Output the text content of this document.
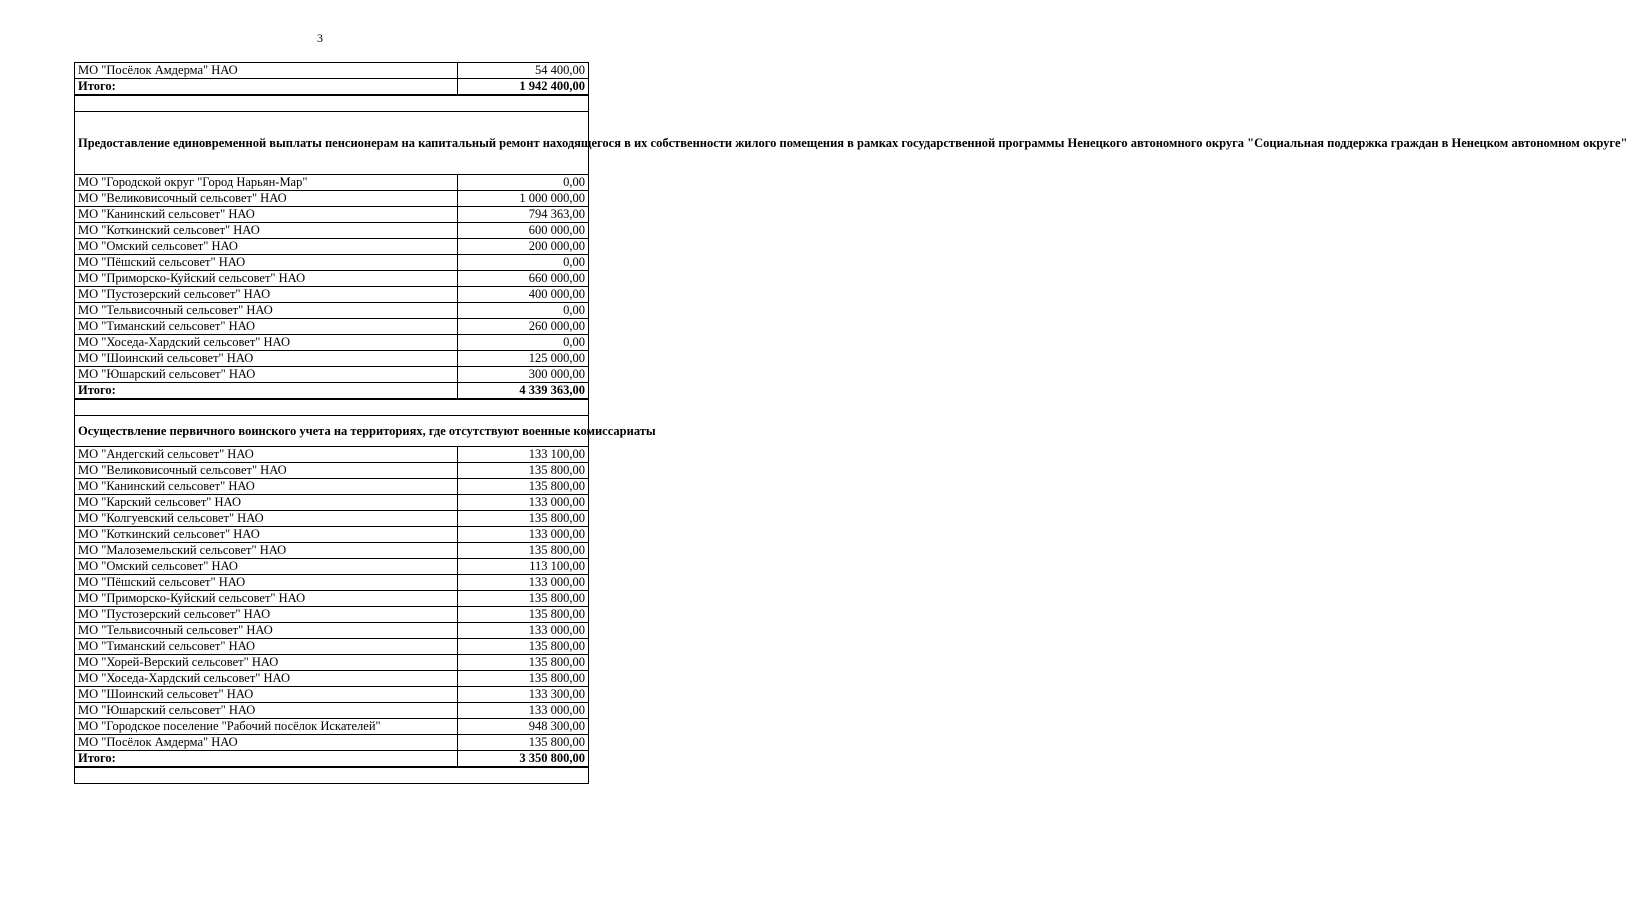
3
МО "Посёлок Амдерма" НАО	54 400,00
Итого:	1 942 400,00

Предоставление единовременной выплаты пенсионерам на капитальный ремонт находящегося в их собственности жилого помещения в рамках государственной программы Ненецкого автономного округа "Социальная поддержка граждан в Ненецком автономном округе"	
МО "Городской округ "Город Нарьян-Мар"	0,00
МО "Великовисочный сельсовет" НАО	1 000 000,00
МО "Канинский сельсовет" НАО	794 363,00
МО "Коткинский сельсовет" НАО	600 000,00
МО "Омский сельсовет" НАО	200 000,00
МО "Пёшский сельсовет" НАО	0,00
МО "Приморско-Куйский сельсовет" НАО	660 000,00
МО "Пустозерский сельсовет" НАО	400 000,00
МО "Тельвисочный сельсовет" НАО	0,00
МО "Тиманский сельсовет" НАО	260 000,00
МО "Хоседа-Хардский сельсовет" НАО	0,00
МО "Шоинский сельсовет" НАО	125 000,00
МО "Юшарский сельсовет" НАО	300 000,00
Итого:	4 339 363,00

Осуществление первичного воинского учета на территориях, где отсутствуют военные комиссариаты	
МО "Андегский сельсовет" НАО	133 100,00
МО "Великовисочный сельсовет" НАО	135 800,00
МО "Канинский сельсовет" НАО	135 800,00
МО "Карский сельсовет" НАО	133 000,00
МО "Колгуевский сельсовет" НАО	135 800,00
МО "Коткинский сельсовет" НАО	133 000,00
МО "Малоземельский сельсовет" НАО	135 800,00
МО "Омский сельсовет" НАО	113 100,00
МО "Пёшский сельсовет" НАО	133 000,00
МО "Приморско-Куйский сельсовет" НАО	135 800,00
МО "Пустозерский сельсовет" НАО	135 800,00
МО "Тельвисочный сельсовет" НАО	133 000,00
МО "Тиманский сельсовет" НАО	135 800,00
МО "Хорей-Верский сельсовет" НАО	135 800,00
МО "Хоседа-Хардский сельсовет" НАО	135 800,00
МО "Шоинский сельсовет" НАО	133 300,00
МО "Юшарский сельсовет" НАО	133 000,00
МО "Городское поселение "Рабочий посёлок Искателей"	948 300,00
МО "Посёлок Амдерма" НАО	135 800,00
Итого:	3 350 800,00
